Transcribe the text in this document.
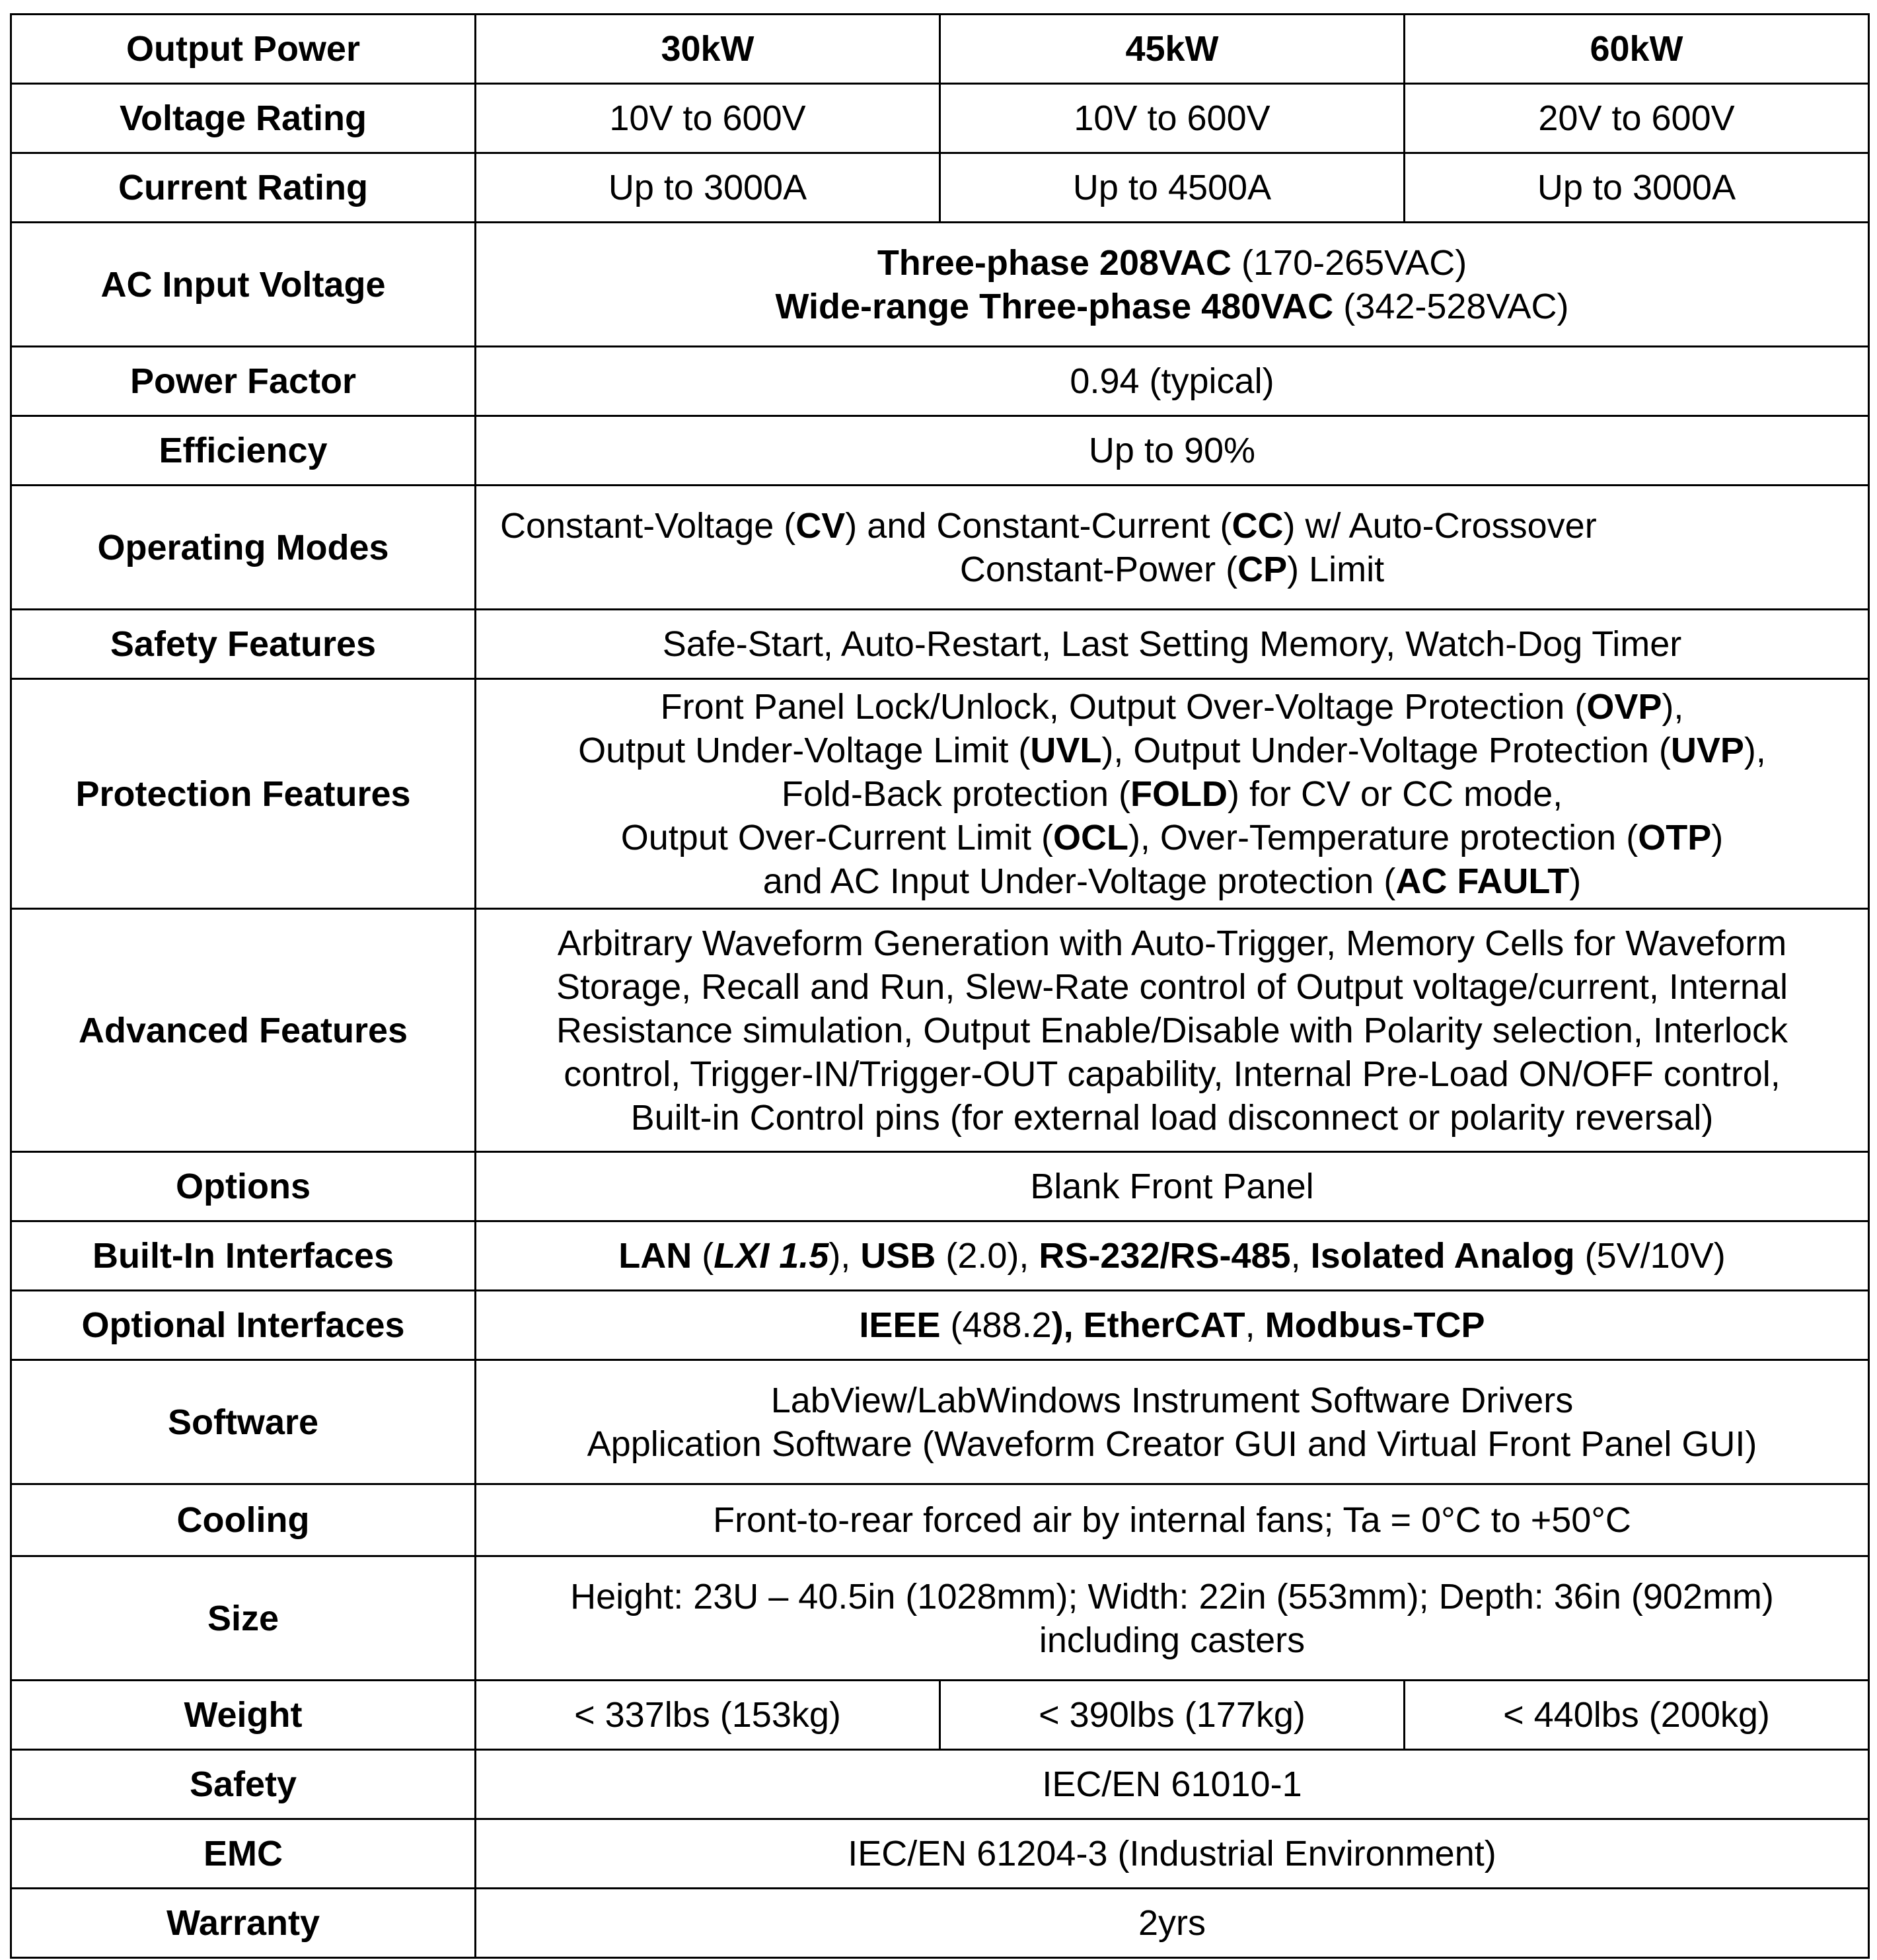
Output Power	30kW	45kW	60kW
Voltage Rating	10V to 600V	10V to 600V	20V to 600V
Current Rating	Up to 3000A	Up to 4500A	Up to 3000A
AC Input Voltage	Three-phase 208VAC (170-265VAC)
Wide-range Three-phase 480VAC (342-528VAC)		

Power Factor	0.94 (typical)		
Efficiency	Up to 90%		
Operating Modes	Constant-Voltage (CV) and Constant-Current (CC) w/ Auto-Crossover
Constant-Power (CP) Limit		

Safety Features	Safe-Start, Auto-Restart, Last Setting Memory, Watch-Dog Timer		
Protection Features	Front Panel Lock/Unlock, Output Over-Voltage Protection (OVP),
Output Under-Voltage Limit (UVL), Output Under-Voltage Protection (UVP),
Fold-Back protection (FOLD) for CV or CC mode,
Output Over-Current Limit (OCL), Over-Temperature protection (OTP)
and AC Input Under-Voltage protection (AC FAULT)		

Advanced Features	Arbitrary Waveform Generation with Auto-Trigger, Memory Cells for Waveform
Storage, Recall and Run, Slew-Rate control of Output voltage/current, Internal
Resistance simulation, Output Enable/Disable with Polarity selection, Interlock
control, Trigger-IN/Trigger-OUT capability, Internal Pre-Load ON/OFF control,
Built-in Control pins (for external load disconnect or polarity reversal)		

Options	Blank Front Panel		
Built-In Interfaces	LAN (LXI 1.5), USB (2.0), RS-232/RS-485, Isolated Analog (5V/10V)		
Optional Interfaces	IEEE (488.2), EtherCAT, Modbus-TCP		
Software	LabView/LabWindows Instrument Software Drivers
Application Software (Waveform Creator GUI and Virtual Front Panel GUI)		

Cooling	Front-to-rear forced air by internal fans; Ta = 0°C to +50°C		
Size	Height: 23U – 40.5in (1028mm); Width: 22in (553mm); Depth: 36in (902mm)
including casters		

Weight	< 337lbs (153kg)	< 390lbs (177kg)	< 440lbs (200kg)
Safety	IEC/EN 61010-1		
EMC	IEC/EN 61204-3 (Industrial Environment)		
Warranty	2yrs		
